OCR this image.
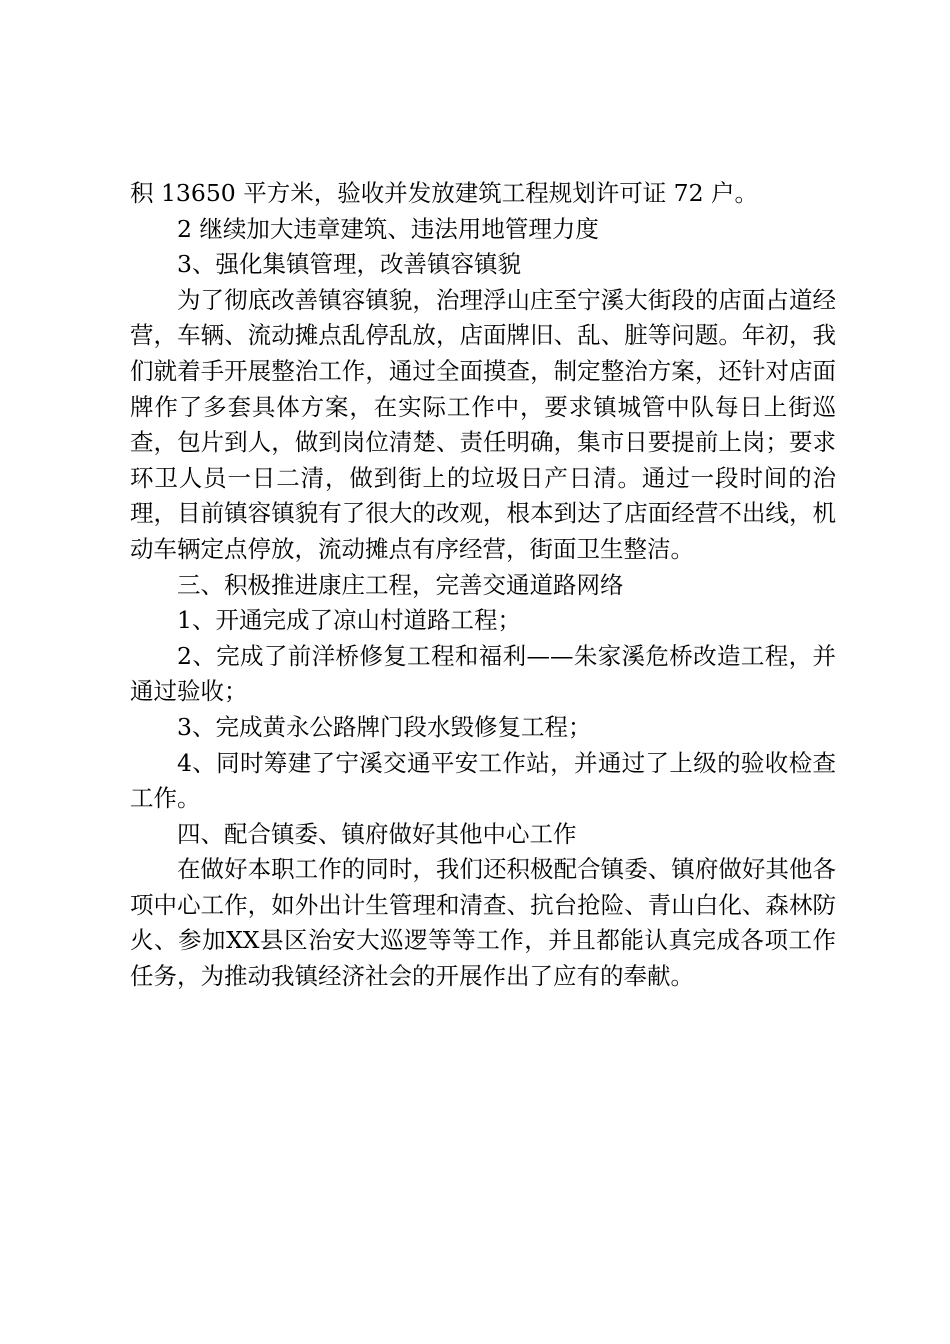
积 13650 平方米，验收并发放建筑工程规划许可证 72 户。

2 继续加大违章建筑、违法用地管理力度

3、强化集镇管理，改善镇容镇貌

为了彻底改善镇容镇貌，治理浮山庄至宁溪大街段的店面占道经营，车辆、流动摊点乱停乱放，店面牌旧、乱、脏等问题。年初，我们就着手开展整治工作，通过全面摸查，制定整治方案，还针对店面牌作了多套具体方案，在实际工作中，要求镇城管中队每日上街巡查，包片到人，做到岗位清楚、责任明确，集市日要提前上岗；要求环卫人员一日二清，做到街上的垃圾日产日清。通过一段时间的治理，目前镇容镇貌有了很大的改观，根本到达了店面经营不出线，机动车辆定点停放，流动摊点有序经营，街面卫生整洁。

三、积极推进康庄工程，完善交通道路网络

1、开通完成了凉山村道路工程；

2、完成了前洋桥修复工程和福利——朱家溪危桥改造工程，并通过验收；

3、完成黄永公路牌门段水毁修复工程；

4、同时筹建了宁溪交通平安工作站，并通过了上级的验收检查工作。

四、配合镇委、镇府做好其他中心工作

在做好本职工作的同时，我们还积极配合镇委、镇府做好其他各项中心工作，如外出计生管理和清查、抗台抢险、青山白化、森林防火、参加XX县区治安大巡逻等等工作，并且都能认真完成各项工作任务，为推动我镇经济社会的开展作出了应有的奉献。
